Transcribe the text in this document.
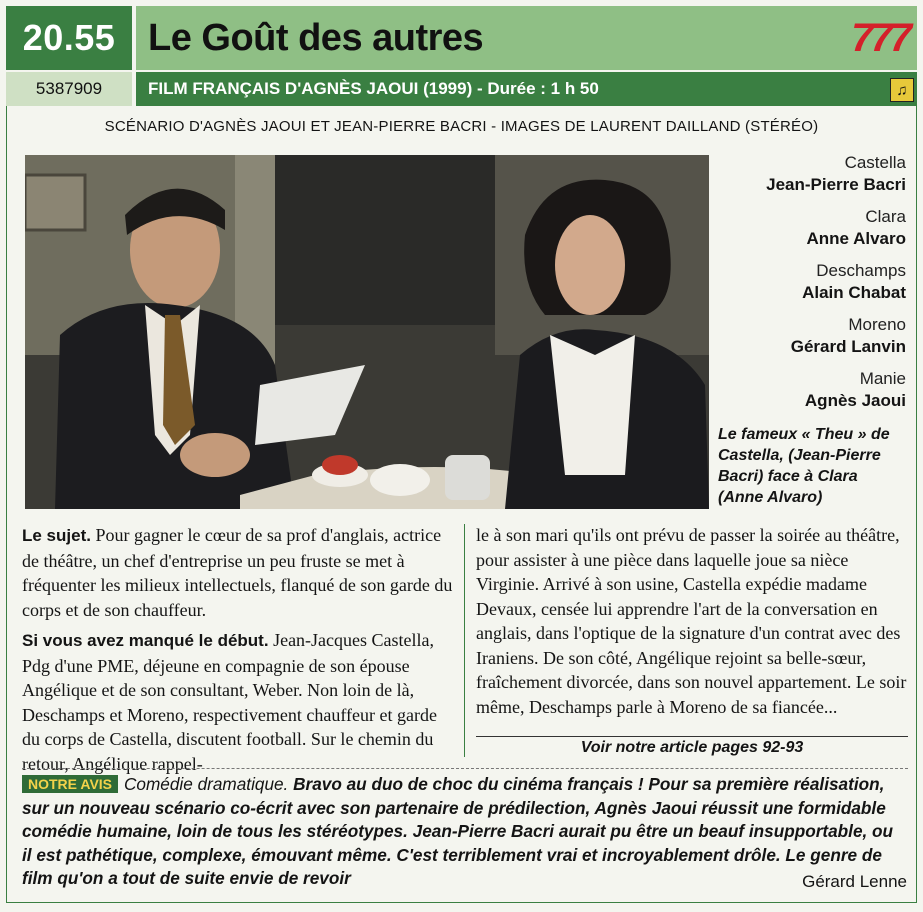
20.55 Le Goût des autres	777
5387909	FILM FRANÇAIS D'AGNÈS JAOUI (1999) - Durée : 1 h 50	♫
SCÉNARIO D'AGNÈS JAOUI ET JEAN-PIERRE BACRI - IMAGES DE LAURENT DAILLAND (STÉRÉO)
Castella
Jean-Pierre Bacri
Clara
Anne Alvaro
Deschamps
Alain Chabat
Moreno
Gérard Lanvin
Manie
Agnès Jaoui
Le fameux « Theu » de Castella, (Jean-Pierre Bacri) face à Clara (Anne Alvaro)

Le sujet. Pour gagner le cœur de sa prof d'anglais, actrice de théâtre, un chef d'entreprise un peu fruste se met à fréquenter les milieux intellectuels, flanqué de son garde du corps et de son chauffeur.

Si vous avez manqué le début. Jean-Jacques Castella, Pdg d'une PME, déjeune en compagnie de son épouse Angélique et de son consultant, Weber. Non loin de là, Deschamps et Moreno, respectivement chauffeur et garde du corps de Castella, discutent football. Sur le chemin du retour, Angélique rappel-

le à son mari qu'ils ont prévu de passer la soirée au théâtre, pour assister à une pièce dans laquelle joue sa nièce Virginie. Arrivé à son usine, Castella expédie madame Devaux, censée lui apprendre l'art de la conversation en anglais, dans l'optique de la signature d'un contrat avec des Iraniens. De son côté, Angélique rejoint sa belle-sœur, fraîchement divorcée, dans son nouvel appartement. Le soir même, Deschamps parle à Moreno de sa fiancée...

Voir notre article pages 92-93
NOTRE AVIS Comédie dramatique. Bravo au duo de choc du cinéma français ! Pour sa première réalisation, sur un nouveau scénario co-écrit avec son partenaire de prédilection, Agnès Jaoui réussit une formidable comédie humaine, loin de tous les stéréotypes. Jean-Pierre Bacri aurait pu être un beauf insupportable, ou il est pathétique, complexe, émouvant même. C'est terriblement vrai et incroyablement drôle. Le genre de film qu'on a tout de suite envie de revoir	Gérard Lenne
